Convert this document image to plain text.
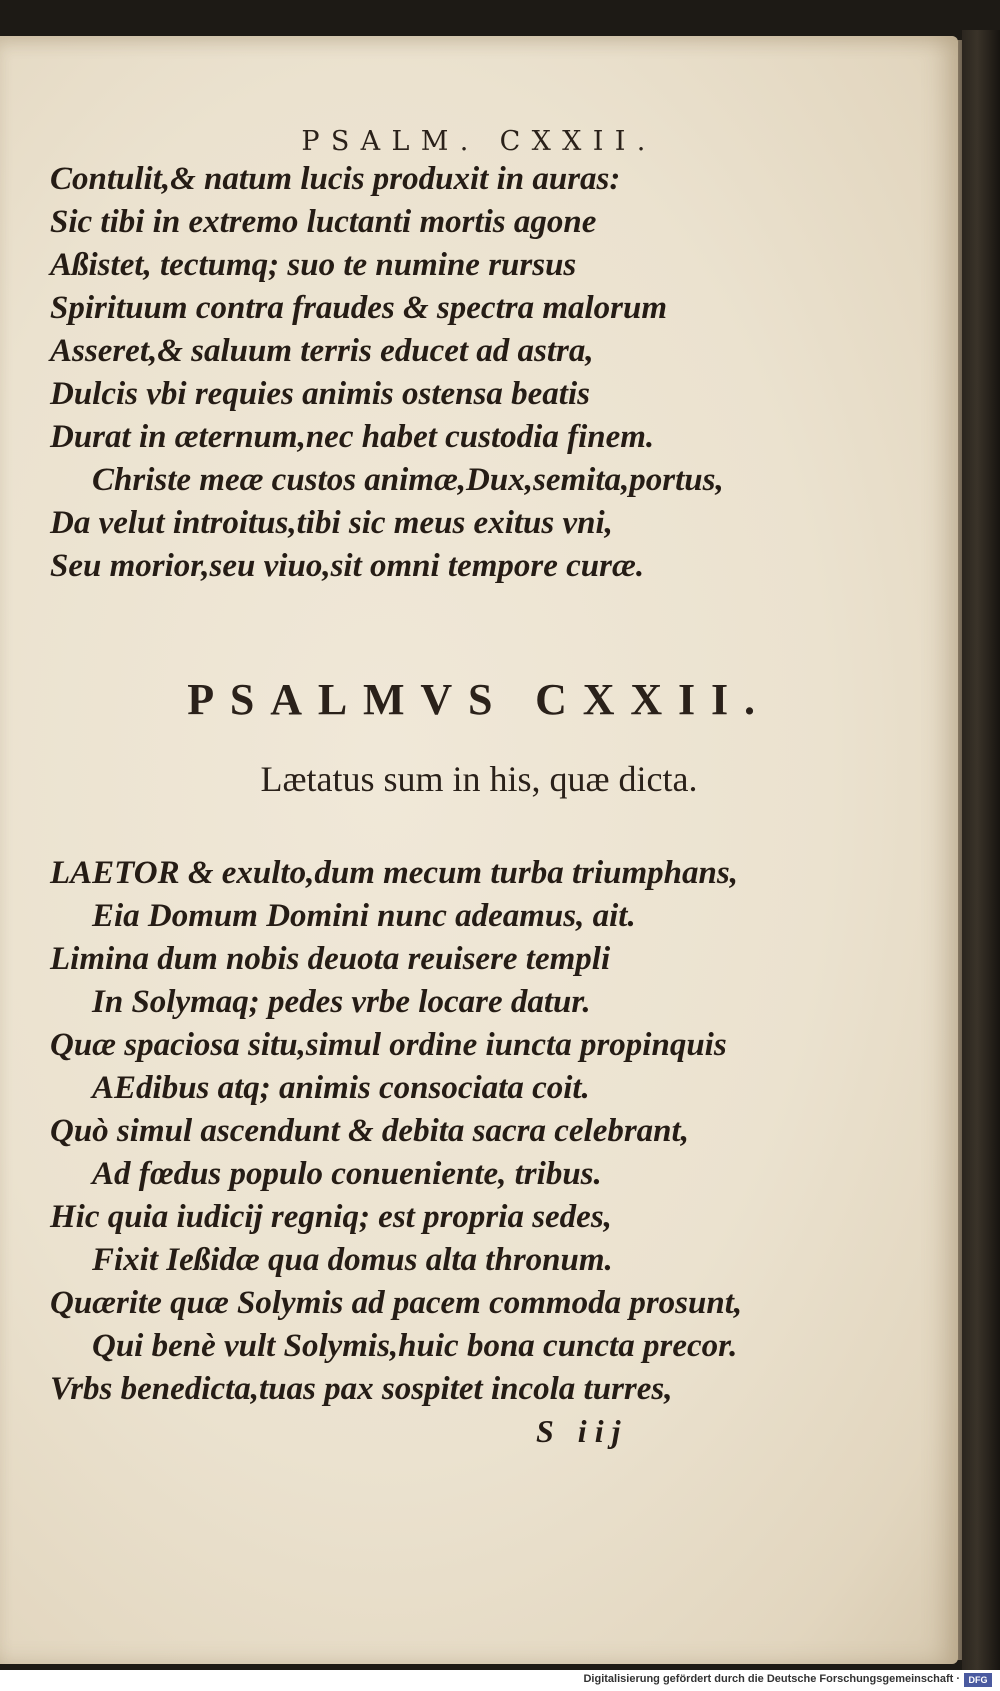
PSALM. CXXII.
Contulit,& natum lucis produxit in auras:
Sic tibi in extremo luctanti mortis agone
Aßistet, tectumq; suo te numine rursus
Spirituum contra fraudes & spectra malorum
Asseret,& saluum terris educet ad astra,
Dulcis vbi requies animis ostensa beatis
Durat in æternum,nec habet custodia finem.
Christe meæ custos animæ,Dux,semita,portus,
Da velut introitus,tibi sic meus exitus vni,
Seu morior,seu viuo,sit omni tempore curæ.
PSALMVS CXXII.
Lætatus sum in his, quæ dicta.
LAETOR & exulto,dum mecum turba triumphans,
Eia Domum Domini nunc adeamus, ait.
Limina dum nobis deuota reuisere templi
In Solymaq; pedes vrbe locare datur.
Quæ spaciosa situ,simul ordine iuncta propinquis
AEdibus atq; animis consociata coit.
Quò simul ascendunt & debita sacra celebrant,
Ad fœdus populo conueniente, tribus.
Hic quia iudicij regniq; est propria sedes,
Fixit Ießidæ qua domus alta thronum.
Quærite quæ Solymis ad pacem commoda prosunt,
Qui benè vult Solymis,huic bona cuncta precor.
Vrbs benedicta,tuas pax sospitet incola turres,
S iij
Digitalisierung gefördert durch die Deutsche Forschungsgemeinschaft · DFG
